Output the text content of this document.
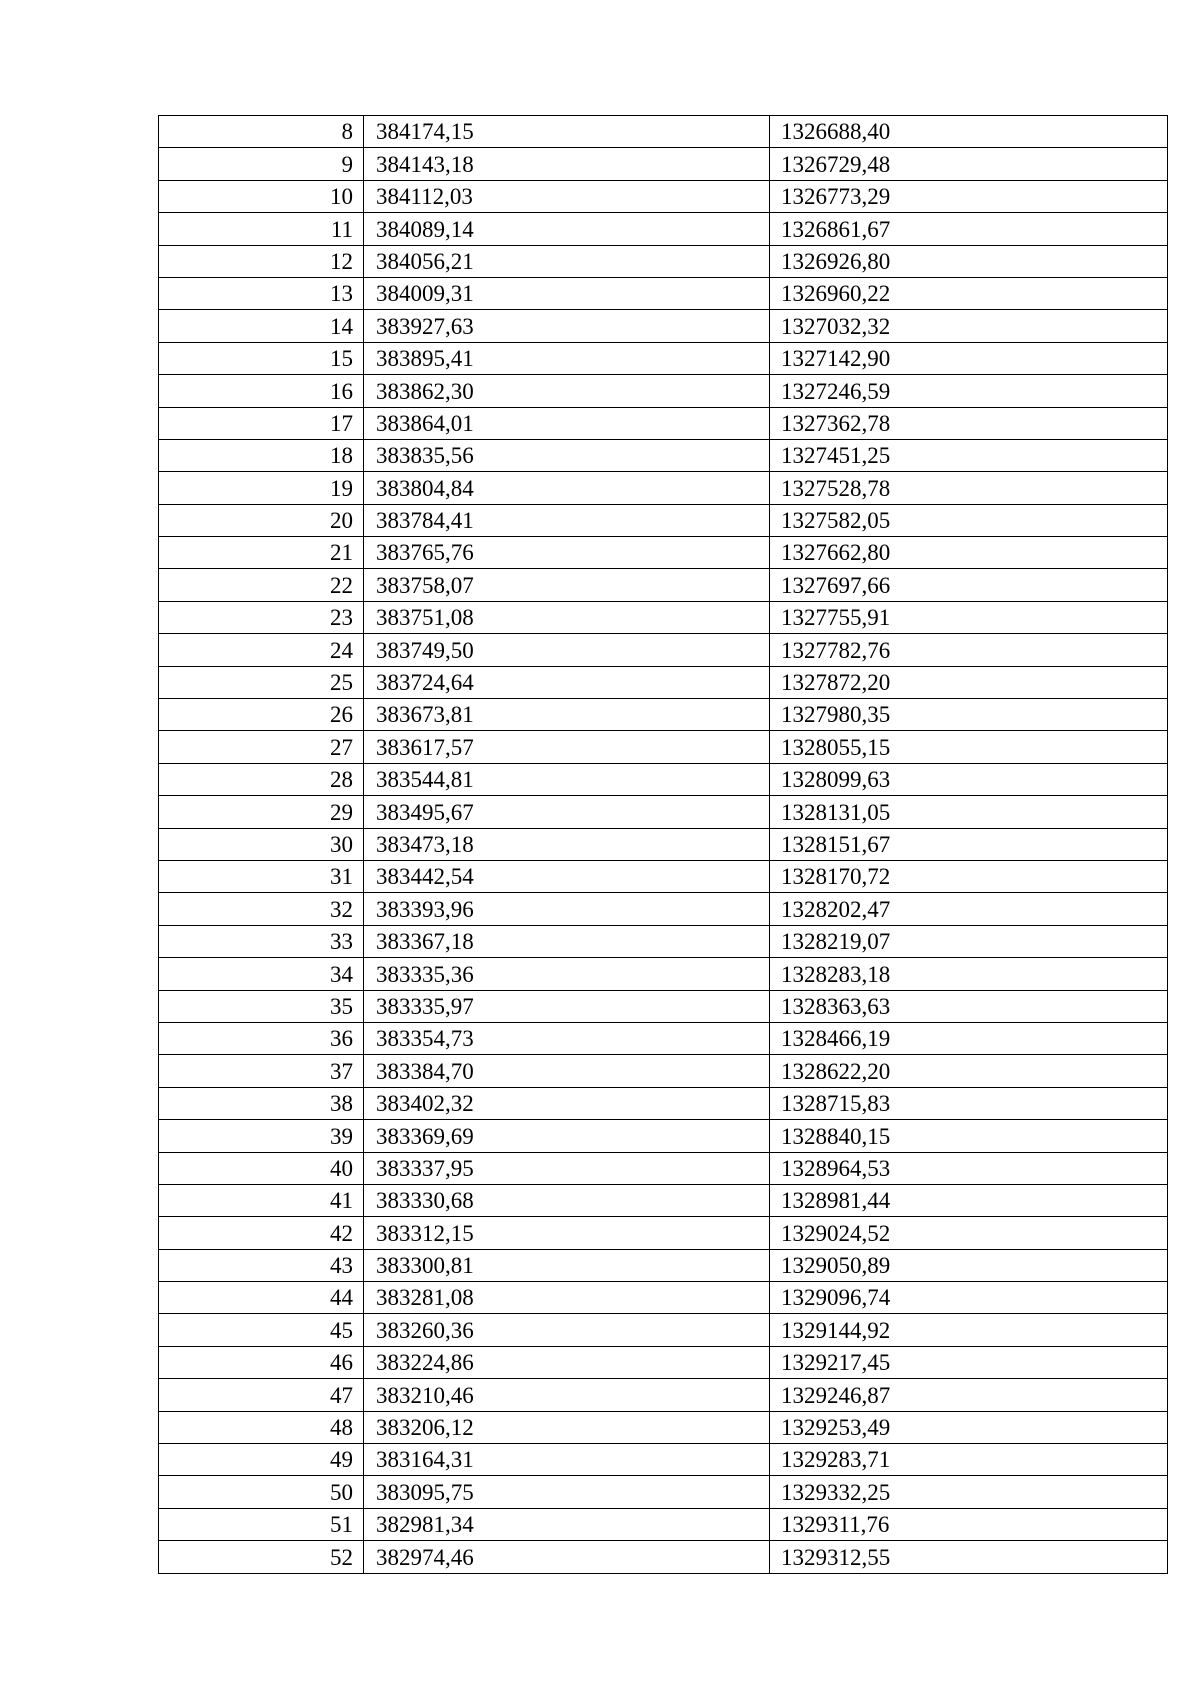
8	384174,15	1326688,40
9	384143,18	1326729,48
10	384112,03	1326773,29
11	384089,14	1326861,67
12	384056,21	1326926,80
13	384009,31	1326960,22
14	383927,63	1327032,32
15	383895,41	1327142,90
16	383862,30	1327246,59
17	383864,01	1327362,78
18	383835,56	1327451,25
19	383804,84	1327528,78
20	383784,41	1327582,05
21	383765,76	1327662,80
22	383758,07	1327697,66
23	383751,08	1327755,91
24	383749,50	1327782,76
25	383724,64	1327872,20
26	383673,81	1327980,35
27	383617,57	1328055,15
28	383544,81	1328099,63
29	383495,67	1328131,05
30	383473,18	1328151,67
31	383442,54	1328170,72
32	383393,96	1328202,47
33	383367,18	1328219,07
34	383335,36	1328283,18
35	383335,97	1328363,63
36	383354,73	1328466,19
37	383384,70	1328622,20
38	383402,32	1328715,83
39	383369,69	1328840,15
40	383337,95	1328964,53
41	383330,68	1328981,44
42	383312,15	1329024,52
43	383300,81	1329050,89
44	383281,08	1329096,74
45	383260,36	1329144,92
46	383224,86	1329217,45
47	383210,46	1329246,87
48	383206,12	1329253,49
49	383164,31	1329283,71
50	383095,75	1329332,25
51	382981,34	1329311,76
52	382974,46	1329312,55
